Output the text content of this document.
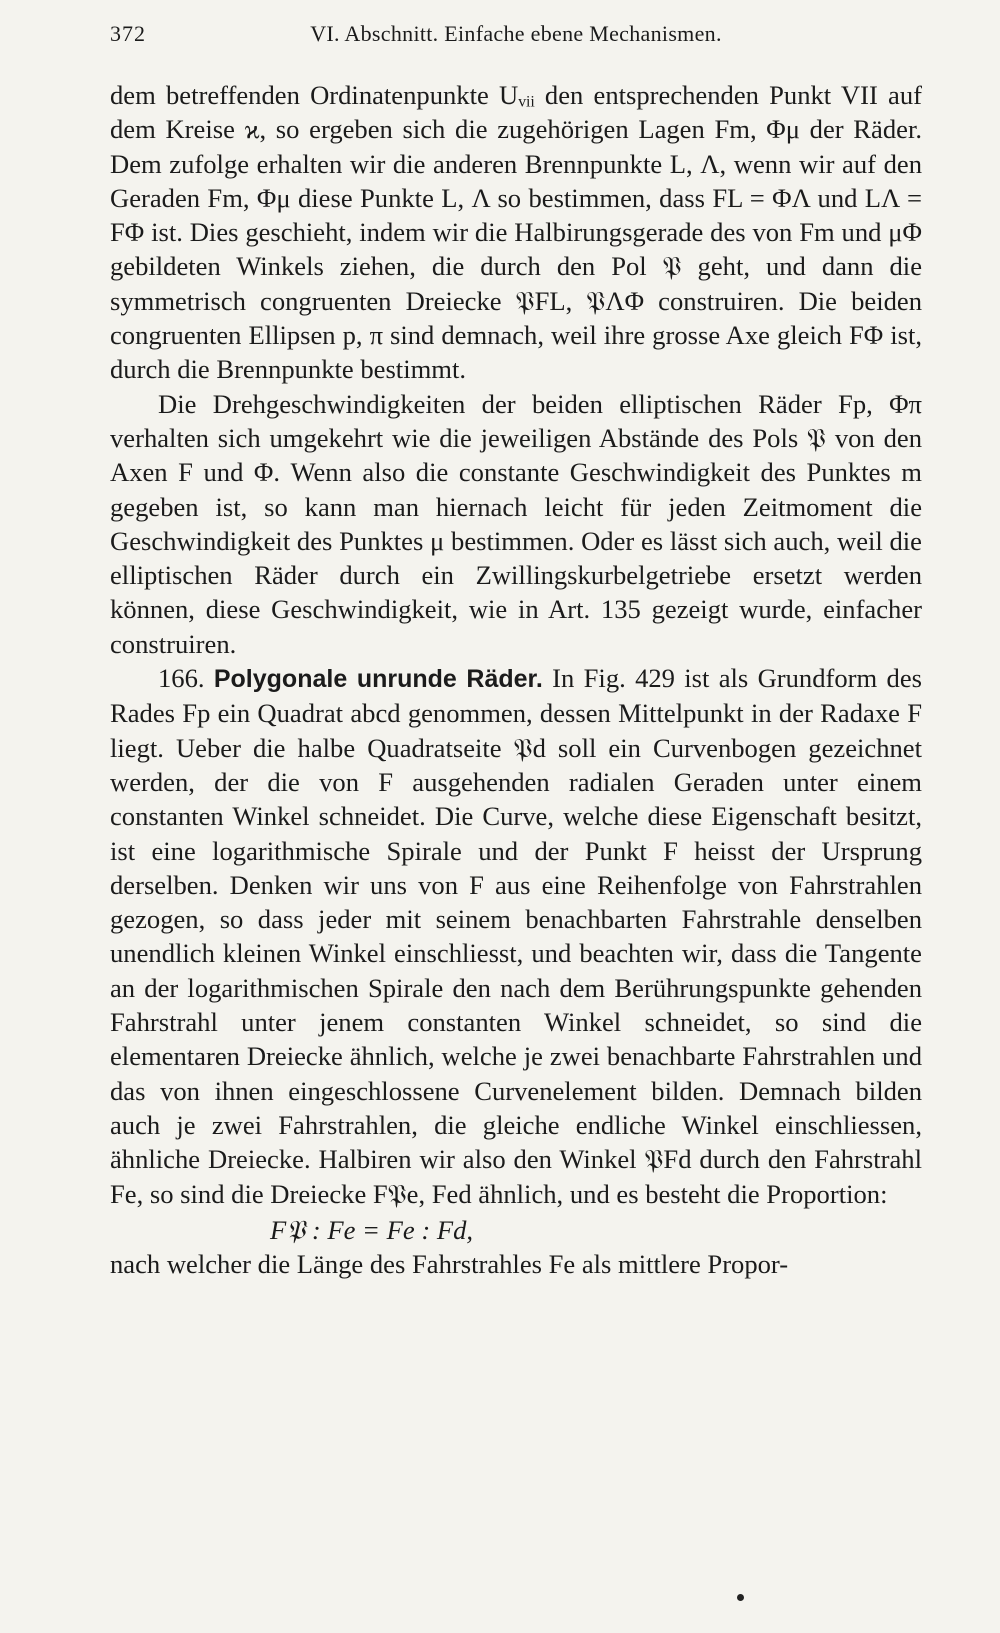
372	VI. Abschnitt. Einfache ebene Mechanismen.

dem betreffenden Ordinatenpunkte Uᵥᵢᵢ den entsprechenden Punkt VII auf dem Kreise ϰ, so ergeben sich die zugehörigen Lagen Fm, Φμ der Räder. Dem zufolge erhalten wir die anderen Brennpunkte L, Λ, wenn wir auf den Geraden Fm, Φμ diese Punkte L, Λ so bestimmen, dass FL = ΦΛ und LΛ = FΦ ist. Dies geschieht, indem wir die Halbirungsgerade des von Fm und μΦ gebildeten Winkels ziehen, die durch den Pol 𝔓 geht, und dann die symmetrisch congruenten Dreiecke 𝔓FL, 𝔓ΛΦ construiren. Die beiden congruenten Ellipsen p, π sind demnach, weil ihre grosse Axe gleich FΦ ist, durch die Brennpunkte bestimmt.

Die Drehgeschwindigkeiten der beiden elliptischen Räder Fp, Φπ verhalten sich umgekehrt wie die jeweiligen Abstände des Pols 𝔓 von den Axen F und Φ. Wenn also die constante Geschwindigkeit des Punktes m gegeben ist, so kann man hiernach leicht für jeden Zeitmoment die Geschwindigkeit des Punktes μ bestimmen. Oder es lässt sich auch, weil die elliptischen Räder durch ein Zwillingskurbelgetriebe ersetzt werden können, diese Geschwindigkeit, wie in Art. 135 gezeigt wurde, einfacher construiren.

166. Polygonale unrunde Räder. In Fig. 429 ist als Grundform des Rades Fp ein Quadrat abcd genommen, dessen Mittelpunkt in der Radaxe F liegt. Ueber die halbe Quadratseite 𝔓d soll ein Curvenbogen gezeichnet werden, der die von F ausgehenden radialen Geraden unter einem constanten Winkel schneidet. Die Curve, welche diese Eigenschaft besitzt, ist eine logarithmische Spirale und der Punkt F heisst der Ursprung derselben. Denken wir uns von F aus eine Reihenfolge von Fahrstrahlen gezogen, so dass jeder mit seinem benachbarten Fahrstrahle denselben unendlich kleinen Winkel einschliesst, und beachten wir, dass die Tangente an der logarithmischen Spirale den nach dem Berührungspunkte gehenden Fahrstrahl unter jenem constanten Winkel schneidet, so sind die elementaren Dreiecke ähnlich, welche je zwei benachbarte Fahrstrahlen und das von ihnen eingeschlossene Curvenelement bilden. Demnach bilden auch je zwei Fahrstrahlen, die gleiche endliche Winkel einschliessen, ähnliche Dreiecke. Halbiren wir also den Winkel 𝔓Fd durch den Fahrstrahl Fe, so sind die Dreiecke F𝔓e, Fed ähnlich, und es besteht die Proportion:

F𝔓 : Fe = Fe : Fd,

nach welcher die Länge des Fahrstrahles Fe als mittlere Propor-
